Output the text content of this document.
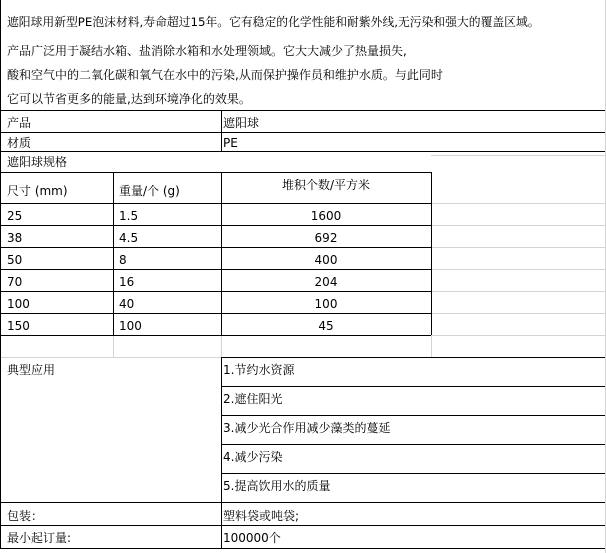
遮阳球用新型PE泡沫材料,寿命超过15年。它有稳定的化学性能和耐紫外线,无污染和强大的覆盖区域。
产品广泛用于凝结水箱、盐消除水箱和水处理领域。它大大减少了热量损失,
酸和空气中的二氧化碳和氧气在水中的污染,从而保护操作员和维护水质。与此同时
它可以节省更多的能量,达到环境净化的效果。
产品	遮阳球
材质	PE
遮阳球规格
尺寸 (mm)	重量/个 (g)	堆积个数/平方米
25	1.5	1600
38	4.5	692
50	8	400
70	16	204
100	40	100
150	100	45
典型应用	1.节约水资源
2.遮住阳光
3.减少光合作用减少藻类的蔓延
4.减少污染
5.提高饮用水的质量
包装：	塑料袋或吨袋;
最小起订量:	100000个
